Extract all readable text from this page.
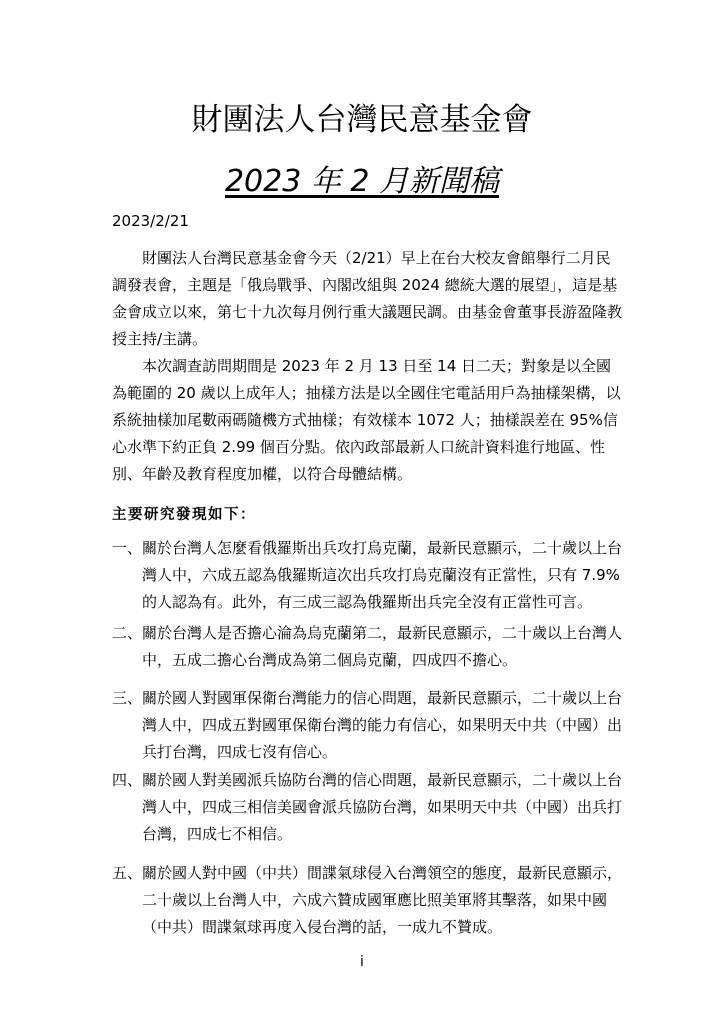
財團法人台灣民意基金會
2023 年 2 月新聞稿
2023/2/21

財團法人台灣民意基金會今天（2/21）早上在台大校友會館舉行二月民調發表會，主題是「俄烏戰爭、內閣改組與 2024 總統大選的展望」，這是基金會成立以來，第七十九次每月例行重大議題民調。由基金會董事長游盈隆教授主持/主講。

本次調查訪問期間是 2023 年 2 月 13 日至 14 日二天；對象是以全國為範圍的 20 歲以上成年人；抽樣方法是以全國住宅電話用戶為抽樣架構，以系統抽樣加尾數兩碼隨機方式抽樣；有效樣本 1072 人；抽樣誤差在 95%信心水準下約正負 2.99 個百分點。依內政部最新人口統計資料進行地區、性別、年齡及教育程度加權，以符合母體結構。

主要研究發現如下：
一、 關於台灣人怎麼看俄羅斯出兵攻打烏克蘭，最新民意顯示，二十歲以上台灣人中，六成五認為俄羅斯這次出兵攻打烏克蘭沒有正當性，只有 7.9%的人認為有。此外，有三成三認為俄羅斯出兵完全沒有正當性可言。
二、 關於台灣人是否擔心淪為烏克蘭第二，最新民意顯示，二十歲以上台灣人中，五成二擔心台灣成為第二個烏克蘭，四成四不擔心。
三、 關於國人對國軍保衛台灣能力的信心問題，最新民意顯示，二十歲以上台灣人中，四成五對國軍保衛台灣的能力有信心，如果明天中共（中國）出兵打台灣，四成七沒有信心。
四、 關於國人對美國派兵協防台灣的信心問題，最新民意顯示，二十歲以上台灣人中，四成三相信美國會派兵協防台灣，如果明天中共（中國）出兵打台灣，四成七不相信。
五、 關於國人對中國（中共）間諜氣球侵入台灣領空的態度，最新民意顯示，二十歲以上台灣人中，六成六贊成國軍應比照美軍將其擊落，如果中國（中共）間諜氣球再度入侵台灣的話，一成九不贊成。
i
